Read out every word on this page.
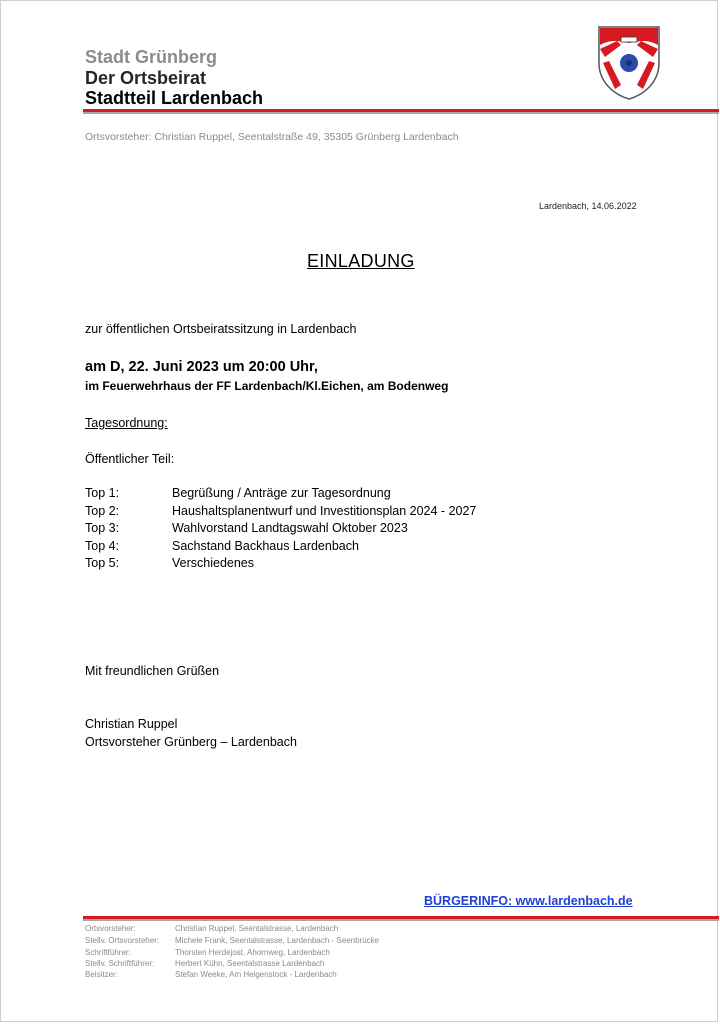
Stadt Grünberg
Der Ortsbeirat
Stadtteil Lardenbach
Ortsvorsteher: Christian Ruppel, Seentalstraße 49, 35305 Grünberg Lardenbach
Lardenbach, 14.06.2022
EINLADUNG
zur öffentlichen Ortsbeiratssitzung in Lardenbach
am D, 22. Juni 2023 um 20:00 Uhr,
im Feuerwehrhaus der FF Lardenbach/Kl.Eichen, am Bodenweg
Tagesordnung:
Öffentlicher Teil:
Top 1:	Begrüßung / Anträge zur Tagesordnung
Top 2:	Haushaltsplanentwurf und Investitionsplan 2024 - 2027
Top 3:	Wahlvorstand Landtagswahl Oktober 2023
Top 4:	Sachstand Backhaus Lardenbach
Top 5:	Verschiedenes
Mit freundlichen Grüßen
Christian Ruppel
Ortsvorsteher Grünberg – Lardenbach
BÜRGERINFO: www.lardenbach.de
Ortsvorsteher:	Christian Ruppel, Seentalstrasse, Lardenbach
Stellv. Ortsvorsteher: Michele Frank, Seentalstrasse, Lardenbach - Seenbrücke
Schriftführer:	Thorsten Herdejost, Ahornweg, Lardenbach
Stellv. Schriftführer:	Herbert Kühn, Seentalstrasse Lardenbach
Beisitzer:	Stefan Weeke, Am Helgenstock - Lardenbach
